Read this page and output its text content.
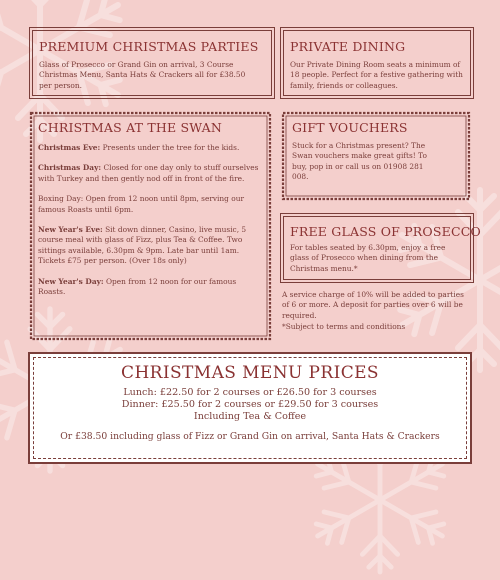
PREMIUM CHRISTMAS PARTIES

Glass of Prosecco or Grand Gin on arrival, 3 Course Christmas Menu, Santa Hats & Crackers all for £38.50 per person.

PRIVATE DINING

Our Private Dining Room seats a minimum of 18 people. Perfect for a festive gathering with family, friends or colleagues.

CHRISTMAS AT THE SWAN

Christmas Eve: Presents under the tree for the kids.

Christmas Day: Closed for one day only to stuff ourselves with Turkey and then gently nod off in front of the fire.

Boxing Day: Open from 12 noon until 8pm, serving our famous Roasts until 6pm.

New Year's Eve: Sit down dinner, Casino, live music, 5 course meal with glass of Fizz, plus Tea & Coffee. Two sittings available, 6.30pm & 9pm. Late bar until 1am. Tickets £75 per person. (Over 18s only)

New Year's Day: Open from 12 noon for our famous Roasts.

GIFT VOUCHERS

Stuck for a Christmas present? The Swan vouchers make great gifts! To buy, pop in or call us on 01908 281 008.

FREE GLASS OF PROSECCO

For tables seated by 6.30pm, enjoy a free glass of Prosecco when dining from the Christmas menu.*

A service charge of 10% will be added to parties of 6 or more. A deposit for parties over 6 will be required.
*Subject to terms and conditions
CHRISTMAS MENU PRICES
Lunch: £22.50 for 2 courses or £26.50 for 3 courses
Dinner: £25.50 for 2 courses or £29.50 for 3 courses
Including Tea & Coffee
Or £38.50 including glass of Fizz or Grand Gin on arrival, Santa Hats & Crackers
